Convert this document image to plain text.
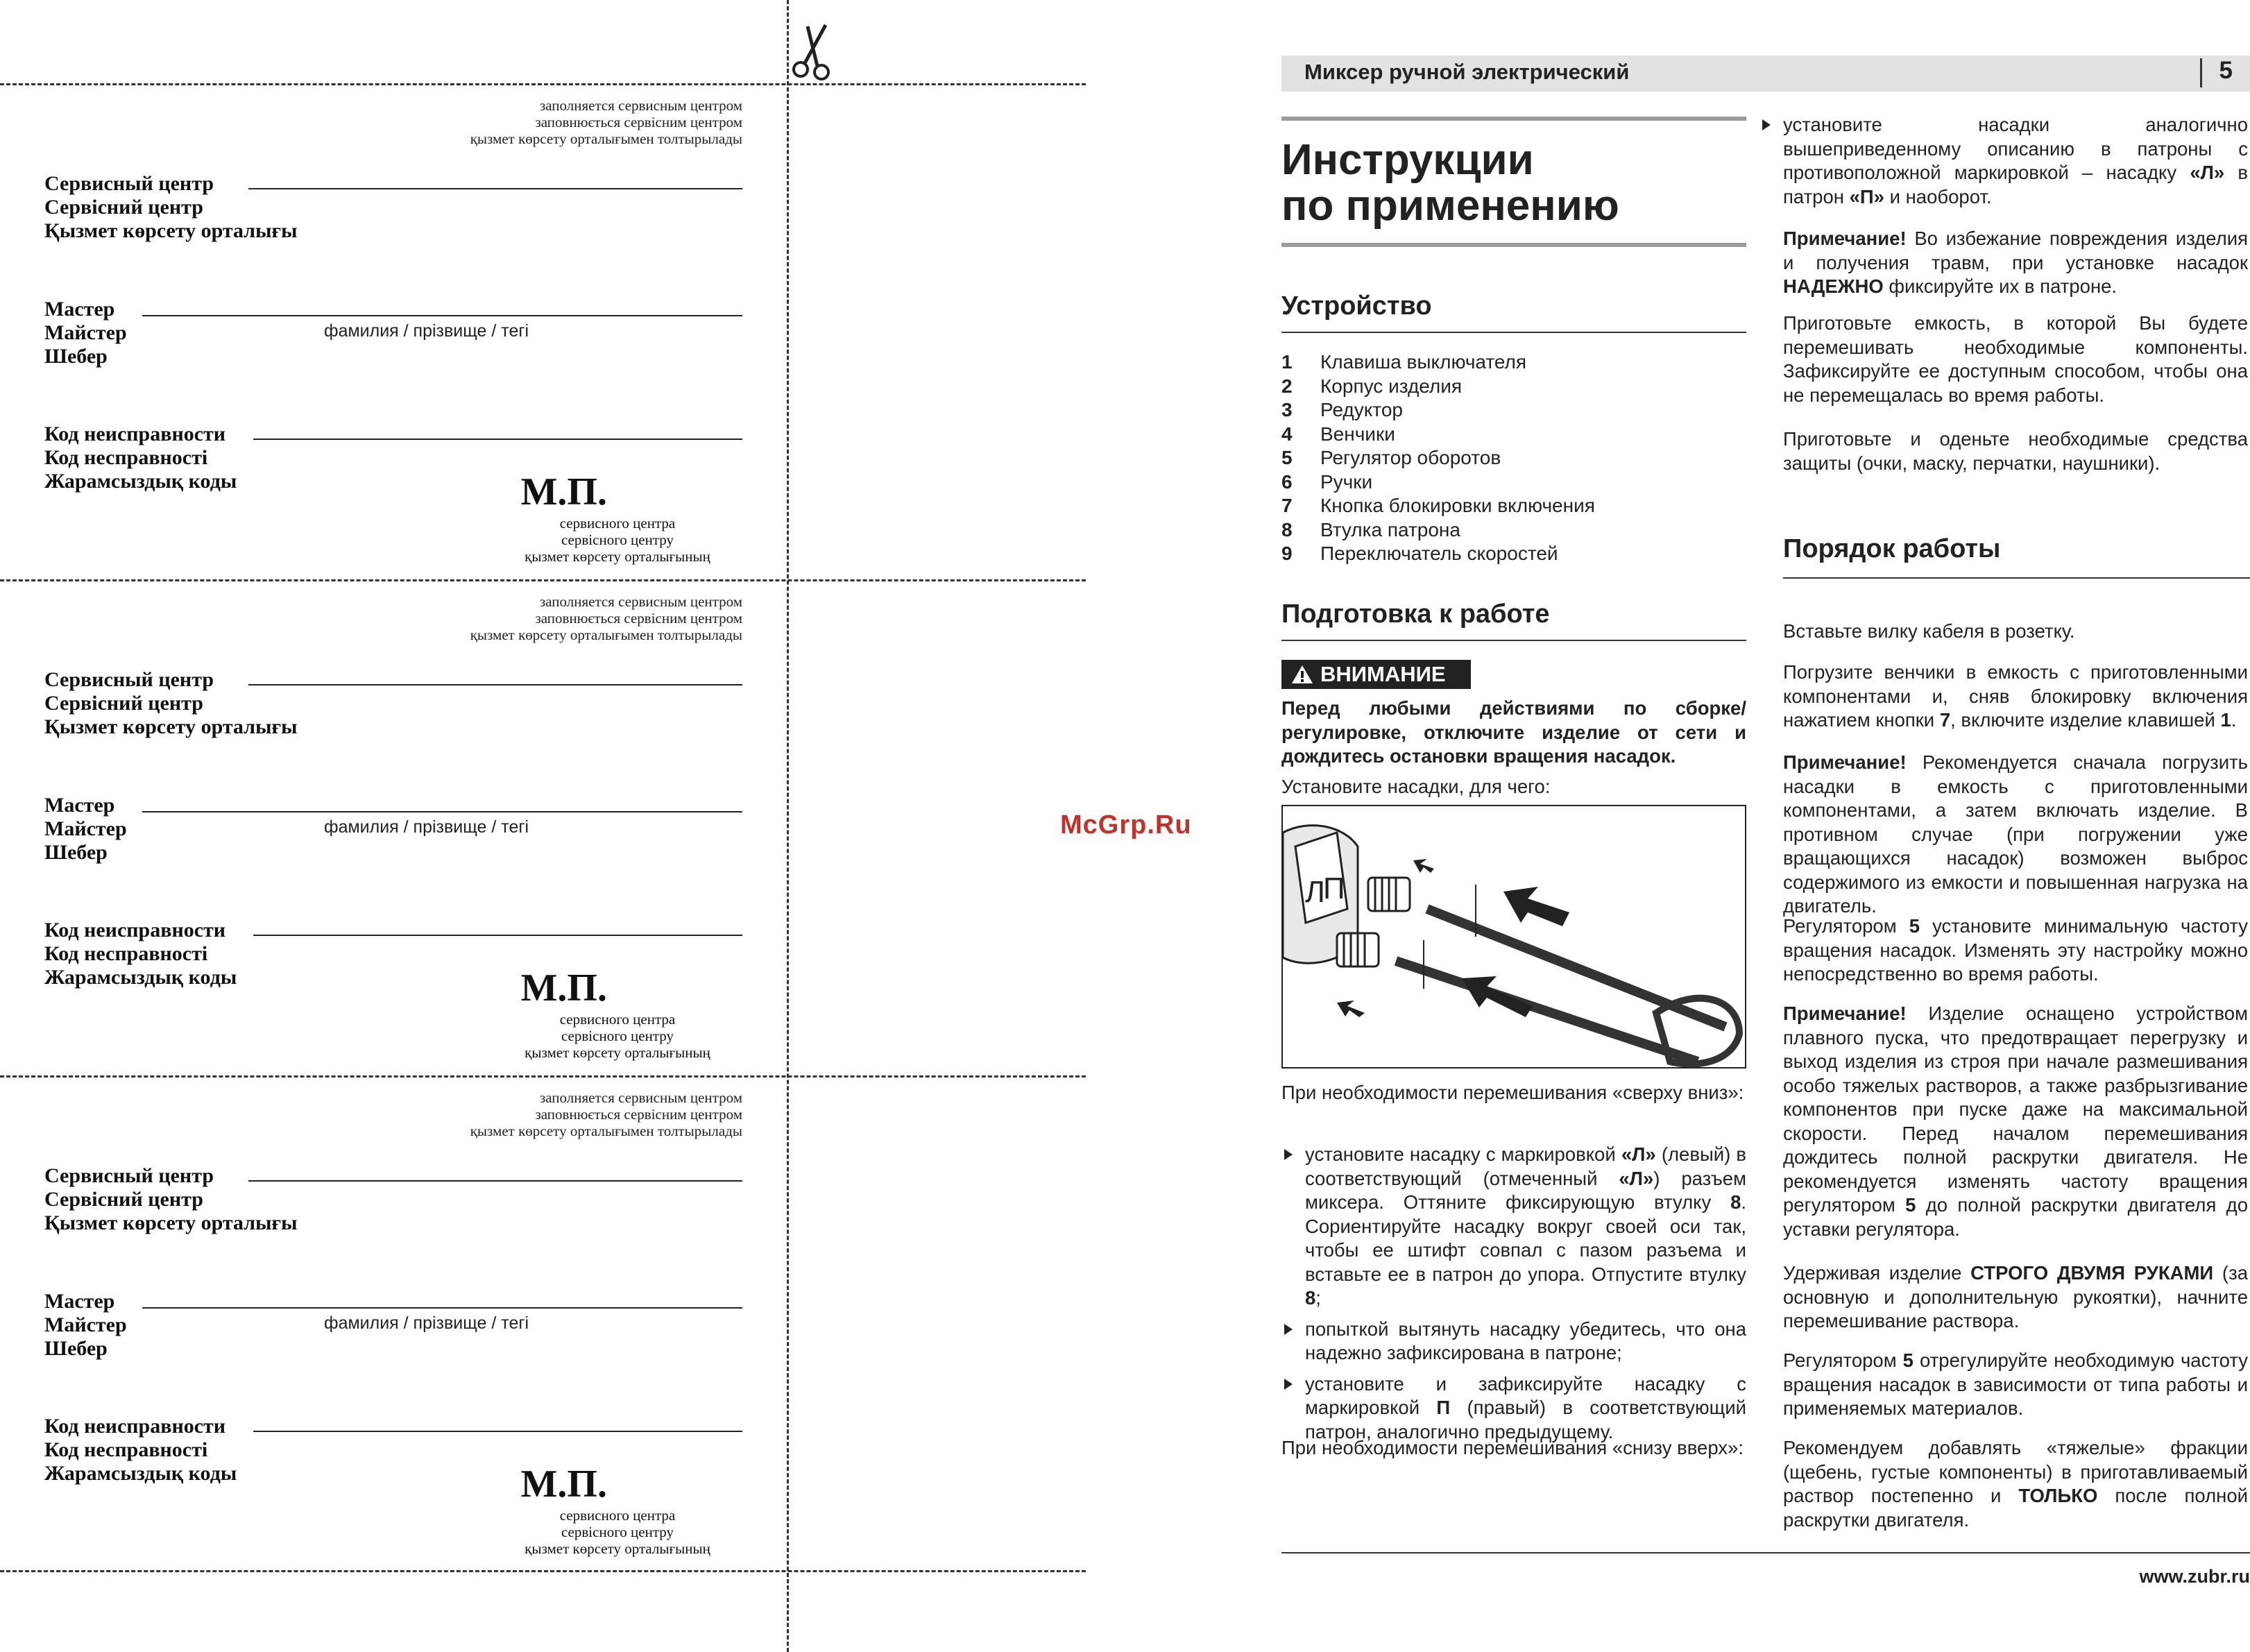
заполняется сервисным центром
заповнюється сервісним центром
қызмет көрсету орталығымен толтырылады
Сервисный центр
Сервісний центр
Қызмет көрсету орталығы
Мастер
Майстер
Шебер
фамилия / прізвище / тегі
Код неисправности
Код несправності
Жарамсыздық коды	М.П.
сервисного центра
сервісного центру
қызмет көрсету орталығының
заполняется сервисным центром
заповнюється сервісним центром
қызмет көрсету орталығымен толтырылады
Сервисный центр
Сервісний центр
Қызмет көрсету орталығы
Мастер
Майстер
Шебер
фамилия / прізвище / тегі
Код неисправности
Код несправності
Жарамсыздық коды	М.П.
сервисного центра
сервісного центру
қызмет көрсету орталығының
заполняется сервисным центром
заповнюється сервісним центром
қызмет көрсету орталығымен толтырылады
Сервисный центр
Сервісний центр
Қызмет көрсету орталығы
Мастер
Майстер
Шебер
фамилия / прізвище / тегі
Код неисправности
Код несправності
Жарамсыздық коды	М.П.
сервисного центра
сервісного центру
қызмет көрсету орталығының
McGrp.Ru
Миксер ручной электрический	5
Инструкции
по применению
Устройство
1	Клавиша выключателя
2	Корпус изделия
3	Редуктор
4	Венчики
5	Регулятор оборотов
6	Ручки
7	Кнопка блокировки включения
8	Втулка патрона
9	Переключатель скоростей
Подготовка к работе
ВНИМАНИЕ
Перед любыми действиями по сборке/регулировке, отключите изделие от сети и дождитесь остановки вращения насадок.
Установите насадки, для чего:
Л
П
При необходимости перемешивания «сверху вниз»:
установите насадку с маркировкой «Л» (левый) в соответствующий (отмеченный «Л») разъем миксера. Оттяните фиксирующую втулку 8. Сориентируйте насадку вокруг своей оси так, чтобы ее штифт совпал с пазом разъема и вставьте ее в патрон до упора. Отпустите втулку 8;
попыткой вытянуть насадку убедитесь, что она надежно зафиксирована в патроне;
установите и зафиксируйте насадку с маркировкой П (правый) в соответствующий патрон, аналогично предыдущему.
При необходимости перемешивания «снизу вверх»:
установите насадки аналогично вышеприведенному описанию в патроны с противоположной маркировкой – насадку «Л» в патрон «П» и наоборот.
Примечание! Во избежание повреждения изделия и получения травм, при установке насадок НАДЕЖНО фиксируйте их в патроне.
Приготовьте емкость, в которой Вы будете перемешивать необходимые компоненты. Зафиксируйте ее доступным способом, чтобы она не перемещалась во время работы.
Приготовьте и оденьте необходимые средства защиты (очки, маску, перчатки, наушники).
Порядок работы
Вставьте вилку кабеля в розетку.
Погрузите венчики в емкость с приготовленными компонентами и, сняв блокировку включения нажатием кнопки 7, включите изделие клавишей 1.
Примечание! Рекомендуется сначала погрузить насадки в емкость с приготовленными компонентами, а затем включать изделие. В противном случае (при погружении уже вращающихся насадок) возможен выброс содержимого из емкости и повышенная нагрузка на двигатель.
Регулятором 5 установите минимальную частоту вращения насадок. Изменять эту настройку можно непосредственно во время работы.
Примечание! Изделие оснащено устройством плавного пуска, что предотвращает перегрузку и выход изделия из строя при начале размешивания особо тяжелых растворов, а также разбрызгивание компонентов при пуске даже на максимальной скорости. Перед началом перемешивания дождитесь полной раскрутки двигателя. Не рекомендуется изменять частоту вращения регулятором 5 до полной раскрутки двигателя до уставки регулятора.
Удерживая изделие СТРОГО ДВУМЯ РУКАМИ (за основную и дополнительную рукоятки), начните перемешивание раствора.
Регулятором 5 отрегулируйте необходимую частоту вращения насадок в зависимости от типа работы и применяемых материалов.
Рекомендуем добавлять «тяжелые» фракции (щебень, густые компоненты) в приготавливаемый раствор постепенно и ТОЛЬКО после полной раскрутки двигателя.
www.zubr.ru
